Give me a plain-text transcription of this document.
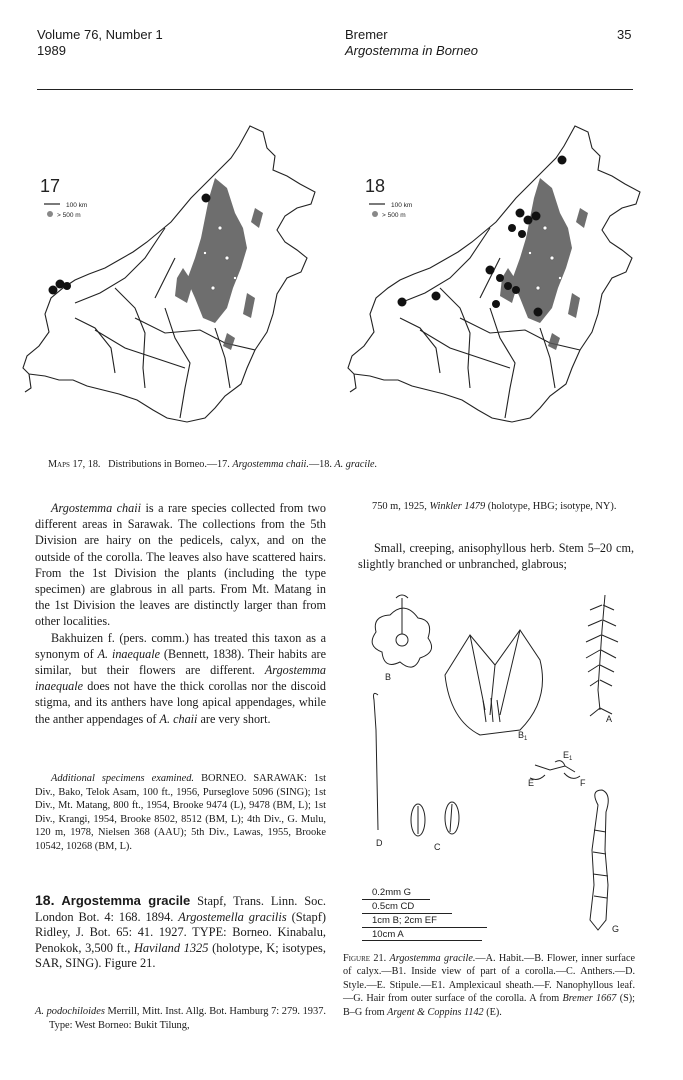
Volume 76, Number 1
1989
Bremer
Argostemma in Borneo
35
17
100 km
> 500 m
18
100 km
> 500 m
Maps 17, 18. Distributions in Borneo.—17. Argostemma chaii.—18. A. gracile.

Argostemma chaii is a rare species collected from two different areas in Sarawak. The collections from the 5th Division are hairy on the pedicels, calyx, and on the outside of the corolla. The leaves also have scattered hairs. From the 1st Division the plants (including the type specimen) are glabrous in all parts. From Mt. Matang in the 1st Division the leaves are distinctly larger than from other localities.

Bakhuizen f. (pers. comm.) has treated this taxon as a synonym of A. inaequale (Bennett, 1838). Their habits are similar, but their flowers are different. Argostemma inaequale does not have the thick corollas nor the discoid stigma, and its anthers have long apical appendages, while the anther appendages of A. chaii are very short.

Additional specimens examined. BORNEO. SARAWAK: 1st Div., Bako, Telok Asam, 100 ft., 1956, Purseglove 5096 (SING); 1st Div., Mt. Matang, 800 ft., 1954, Brooke 9474 (L), 9478 (BM, L); 1st Div., Krangi, 1954, Brooke 8502, 8512 (BM, L); 4th Div., G. Mulu, 120 m, 1978, Nielsen 368 (AAU); 5th Div., Lawas, 1955, Brooke 10542, 10268 (BM, L).

18. Argostemma gracile Stapf, Trans. Linn. Soc. London Bot. 4: 168. 1894. Argostemella gracilis (Stapf) Ridley, J. Bot. 65: 41. 1927. TYPE: Borneo. Kinabalu, Penokok, 3,500 ft., Haviland 1325 (holotype, K; isotypes, SAR, SING). Figure 21.

A. podochiloides Merrill, Mitt. Inst. Allg. Bot. Hamburg 7: 279. 1937. Type: West Borneo: Bukit Tilung,

750 m, 1925, Winkler 1479 (holotype, HBG; isotype, NY).

Small, creeping, anisophyllous herb. Stem 5–20 cm, slightly branched or unbranched, glabrous;

B
$B_1$
A
$E_1$
E	F
D	C
G
0.2mm G
0.5cm CD
1cm B; 2cm EF
10cm A
Figure 21. Argostemma gracile.—A. Habit.—B. Flower, inner surface of calyx.—B1. Inside view of part of a corolla.—C. Anthers.—D. Style.—E. Stipule.—E1. Amplexicaul sheath.—F. Nanophyllous leaf.—G. Hair from outer surface of the corolla. A from Bremer 1667 (S); B–G from Argent & Coppins 1142 (E).
